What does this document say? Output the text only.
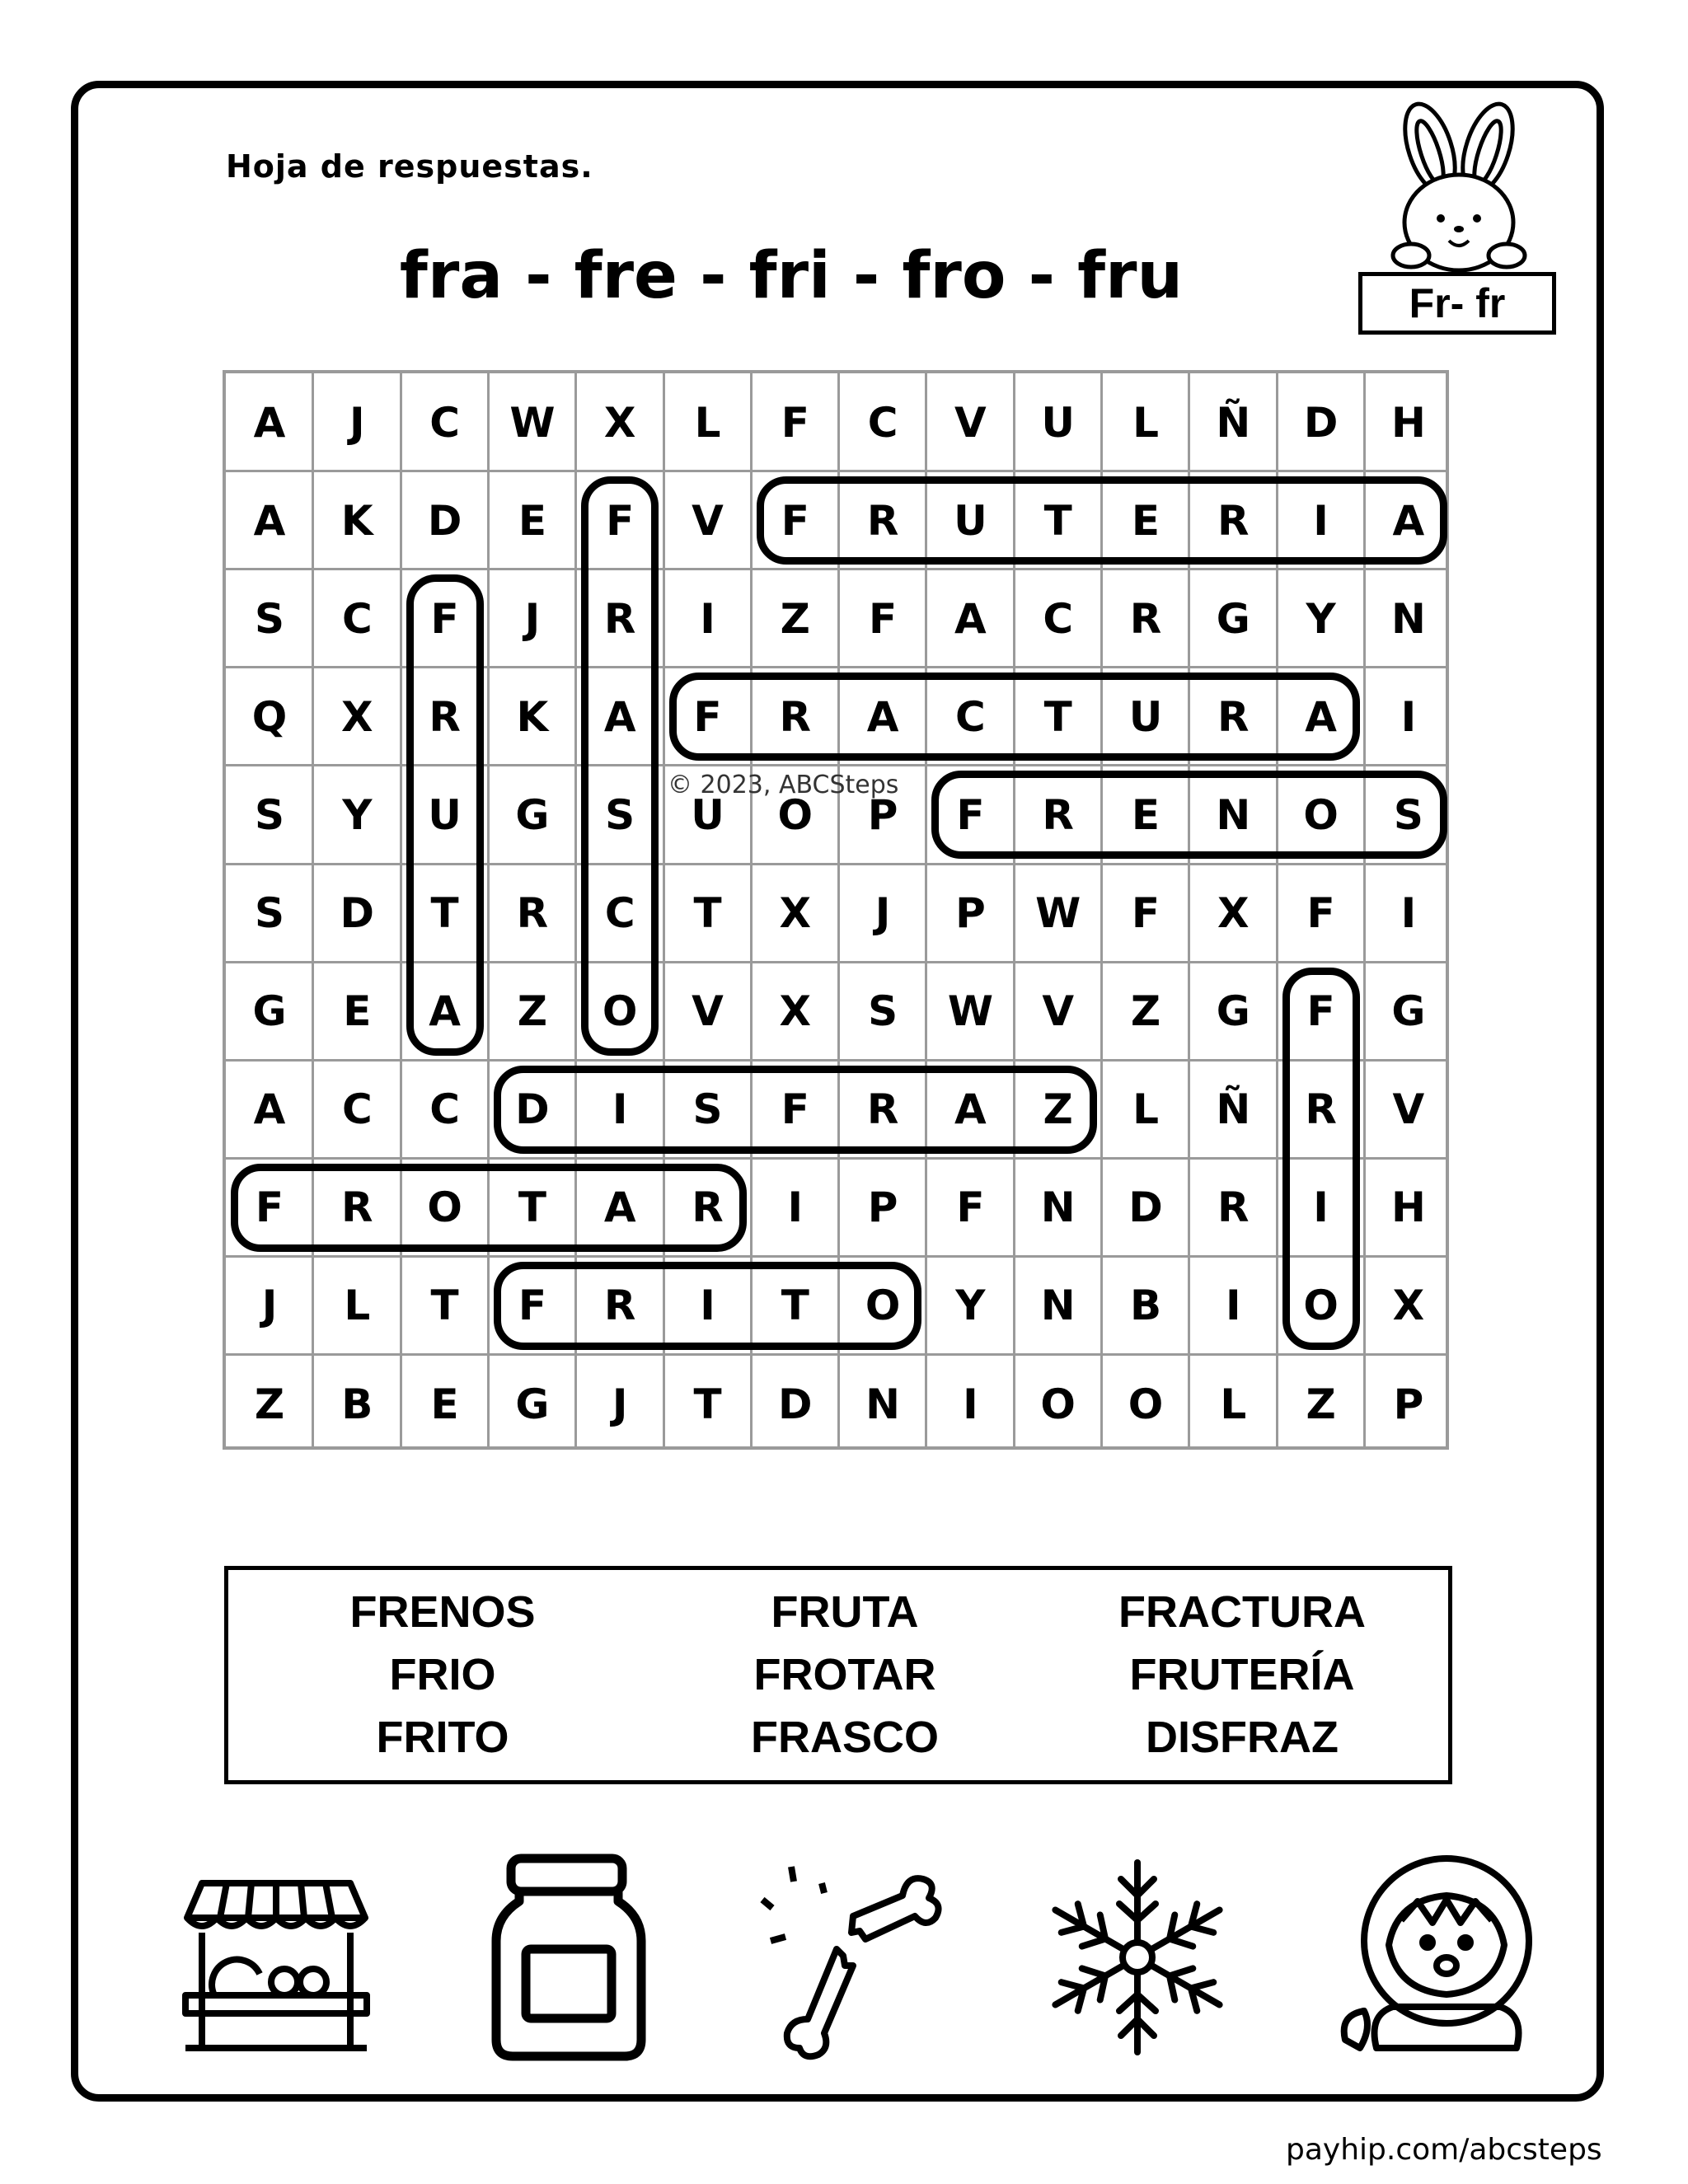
Hoja de respuestas.
fra - fre - fri - fro - fru	Fr- fr
A	J	C	W	X	L	F	C	V	U	L	Ñ	D	H
A	K	D	E	F	V	F	R	U	T	E	R	I	A
S	C	F	J	R	I	Z	F	A	C	R	G	Y	N
Q	X	R	K	A	F	R	A	C	T	U	R	A	I
S	Y	U	G	S	U	O	P	F	R	E	N	O	S
S	D	T	R	C	T	X	J	P	W	F	X	F	I
G	E	A	Z	O	V	X	S	W	V	Z	G	F	G
A	C	C	D	I	S	F	R	A	Z	L	Ñ	R	V
F	R	O	T	A	R	I	P	F	N	D	R	I	H
J	L	T	F	R	I	T	O	Y	N	B	I	O	X
Z	B	E	G	J	T	D	N	I	O	O	L	Z	P
© 2023, ABCSteps
FRENOS	FRUTA	FRACTURA
FRIO	FROTAR	FRUTERÍA
FRITO	FRASCO	DISFRAZ
payhip.com/abcsteps
